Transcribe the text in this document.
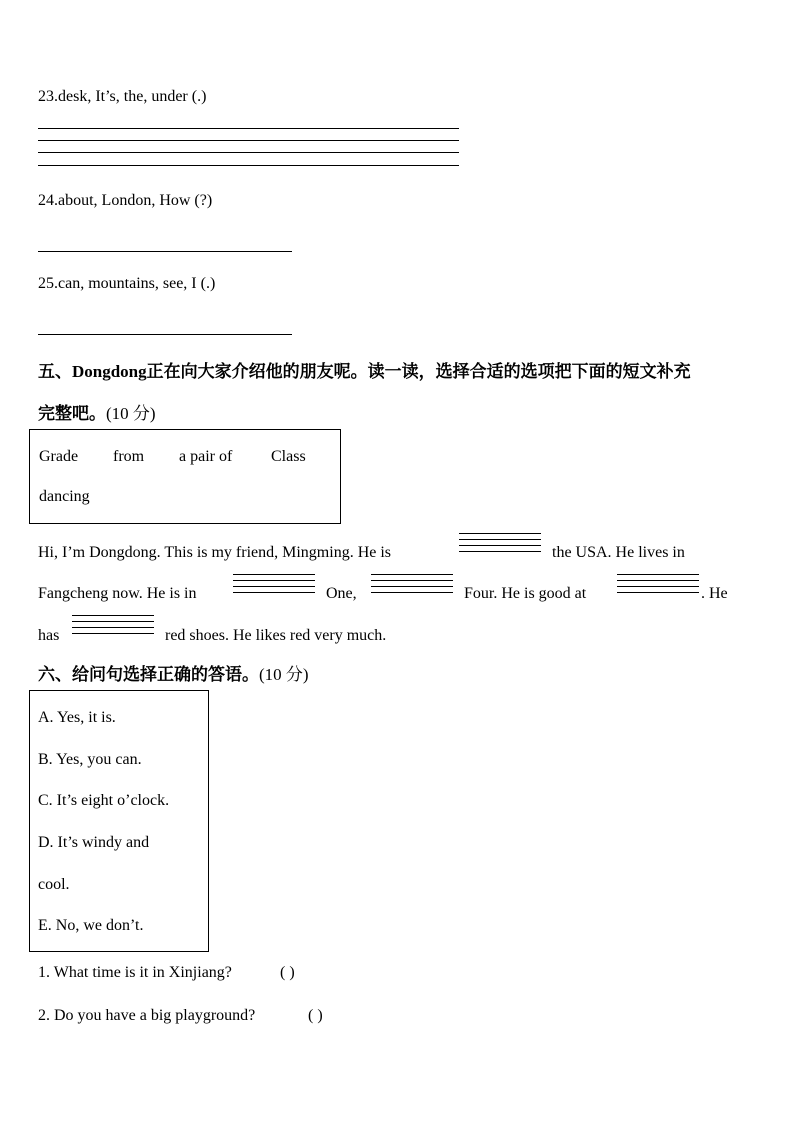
23.desk, It’s, the, under (.)
24.about, London, How (?)
25.can, mountains, see, I (.)
五、Dongdong正在向大家介绍他的朋友呢。读一读，选择合适的选项把下面的短文补充
完整吧。(10 分)
Grade from a pair of Class
dancing
Hi, I’m Dongdong. This is my friend, Mingming. He is	the USA. He lives in
Fangcheng now. He is in	One,	Four. He is good at	. He
has	red shoes. He likes red very much.
六、给问句选择正确的答语。(10 分)
A. Yes, it is.
B. Yes, you can.
C. It’s eight o’clock.
D. It’s windy and
cool.
E. No, we don’t.
1. What time is it in Xinjiang?	( )
2. Do you have a big playground?	( )
